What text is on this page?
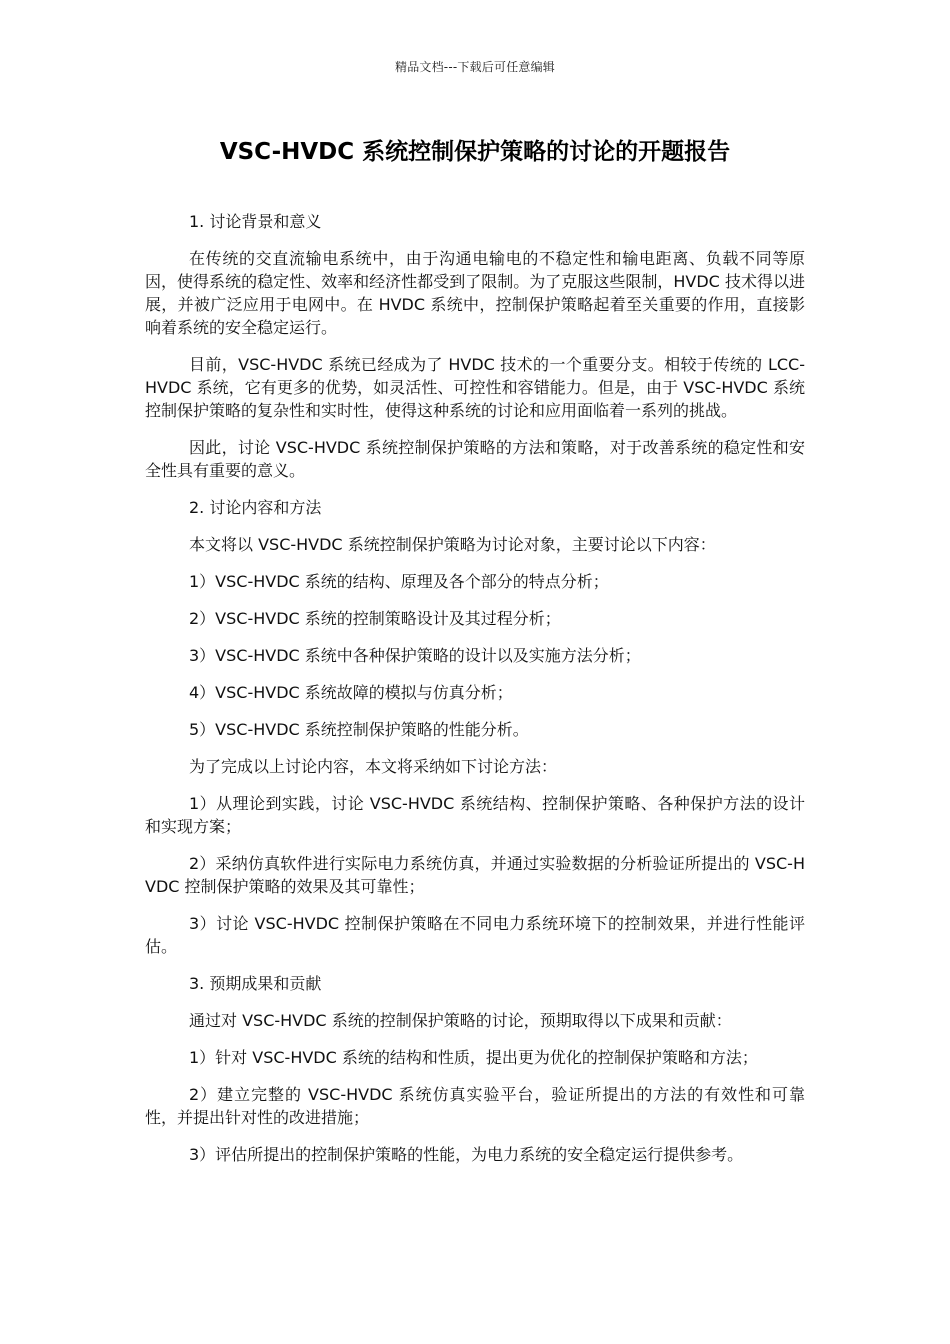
精品文档---下载后可任意编辑
VSC-HVDC 系统控制保护策略的讨论的开题报告

1. 讨论背景和意义

在传统的交直流输电系统中，由于沟通电输电的不稳定性和输电距离、负载不同等原因，使得系统的稳定性、效率和经济性都受到了限制。为了克服这些限制，HVDC 技术得以进展，并被广泛应用于电网中。在 HVDC 系统中，控制保护策略起着至关重要的作用，直接影响着系统的安全稳定运行。

目前，VSC-HVDC 系统已经成为了 HVDC 技术的一个重要分支。相较于传统的 LCC-HVDC 系统，它有更多的优势，如灵活性、可控性和容错能力。但是，由于 VSC-HVDC 系统控制保护策略的复杂性和实时性，使得这种系统的讨论和应用面临着一系列的挑战。

因此，讨论 VSC-HVDC 系统控制保护策略的方法和策略，对于改善系统的稳定性和安全性具有重要的意义。

2. 讨论内容和方法

本文将以 VSC-HVDC 系统控制保护策略为讨论对象，主要讨论以下内容：

1）VSC-HVDC 系统的结构、原理及各个部分的特点分析；

2）VSC-HVDC 系统的控制策略设计及其过程分析；

3）VSC-HVDC 系统中各种保护策略的设计以及实施方法分析；

4）VSC-HVDC 系统故障的模拟与仿真分析；

5）VSC-HVDC 系统控制保护策略的性能分析。

为了完成以上讨论内容，本文将采纳如下讨论方法：

1）从理论到实践，讨论 VSC-HVDC 系统结构、控制保护策略、各种保护方法的设计和实现方案；

2）采纳仿真软件进行实际电力系统仿真，并通过实验数据的分析验证所提出的 VSC-HVDC 控制保护策略的效果及其可靠性；

3）讨论 VSC-HVDC 控制保护策略在不同电力系统环境下的控制效果，并进行性能评估。

3. 预期成果和贡献

通过对 VSC-HVDC 系统的控制保护策略的讨论，预期取得以下成果和贡献：

1）针对 VSC-HVDC 系统的结构和性质，提出更为优化的控制保护策略和方法；

2）建立完整的 VSC-HVDC 系统仿真实验平台，验证所提出的方法的有效性和可靠性，并提出针对性的改进措施；

3）评估所提出的控制保护策略的性能，为电力系统的安全稳定运行提供参考。
